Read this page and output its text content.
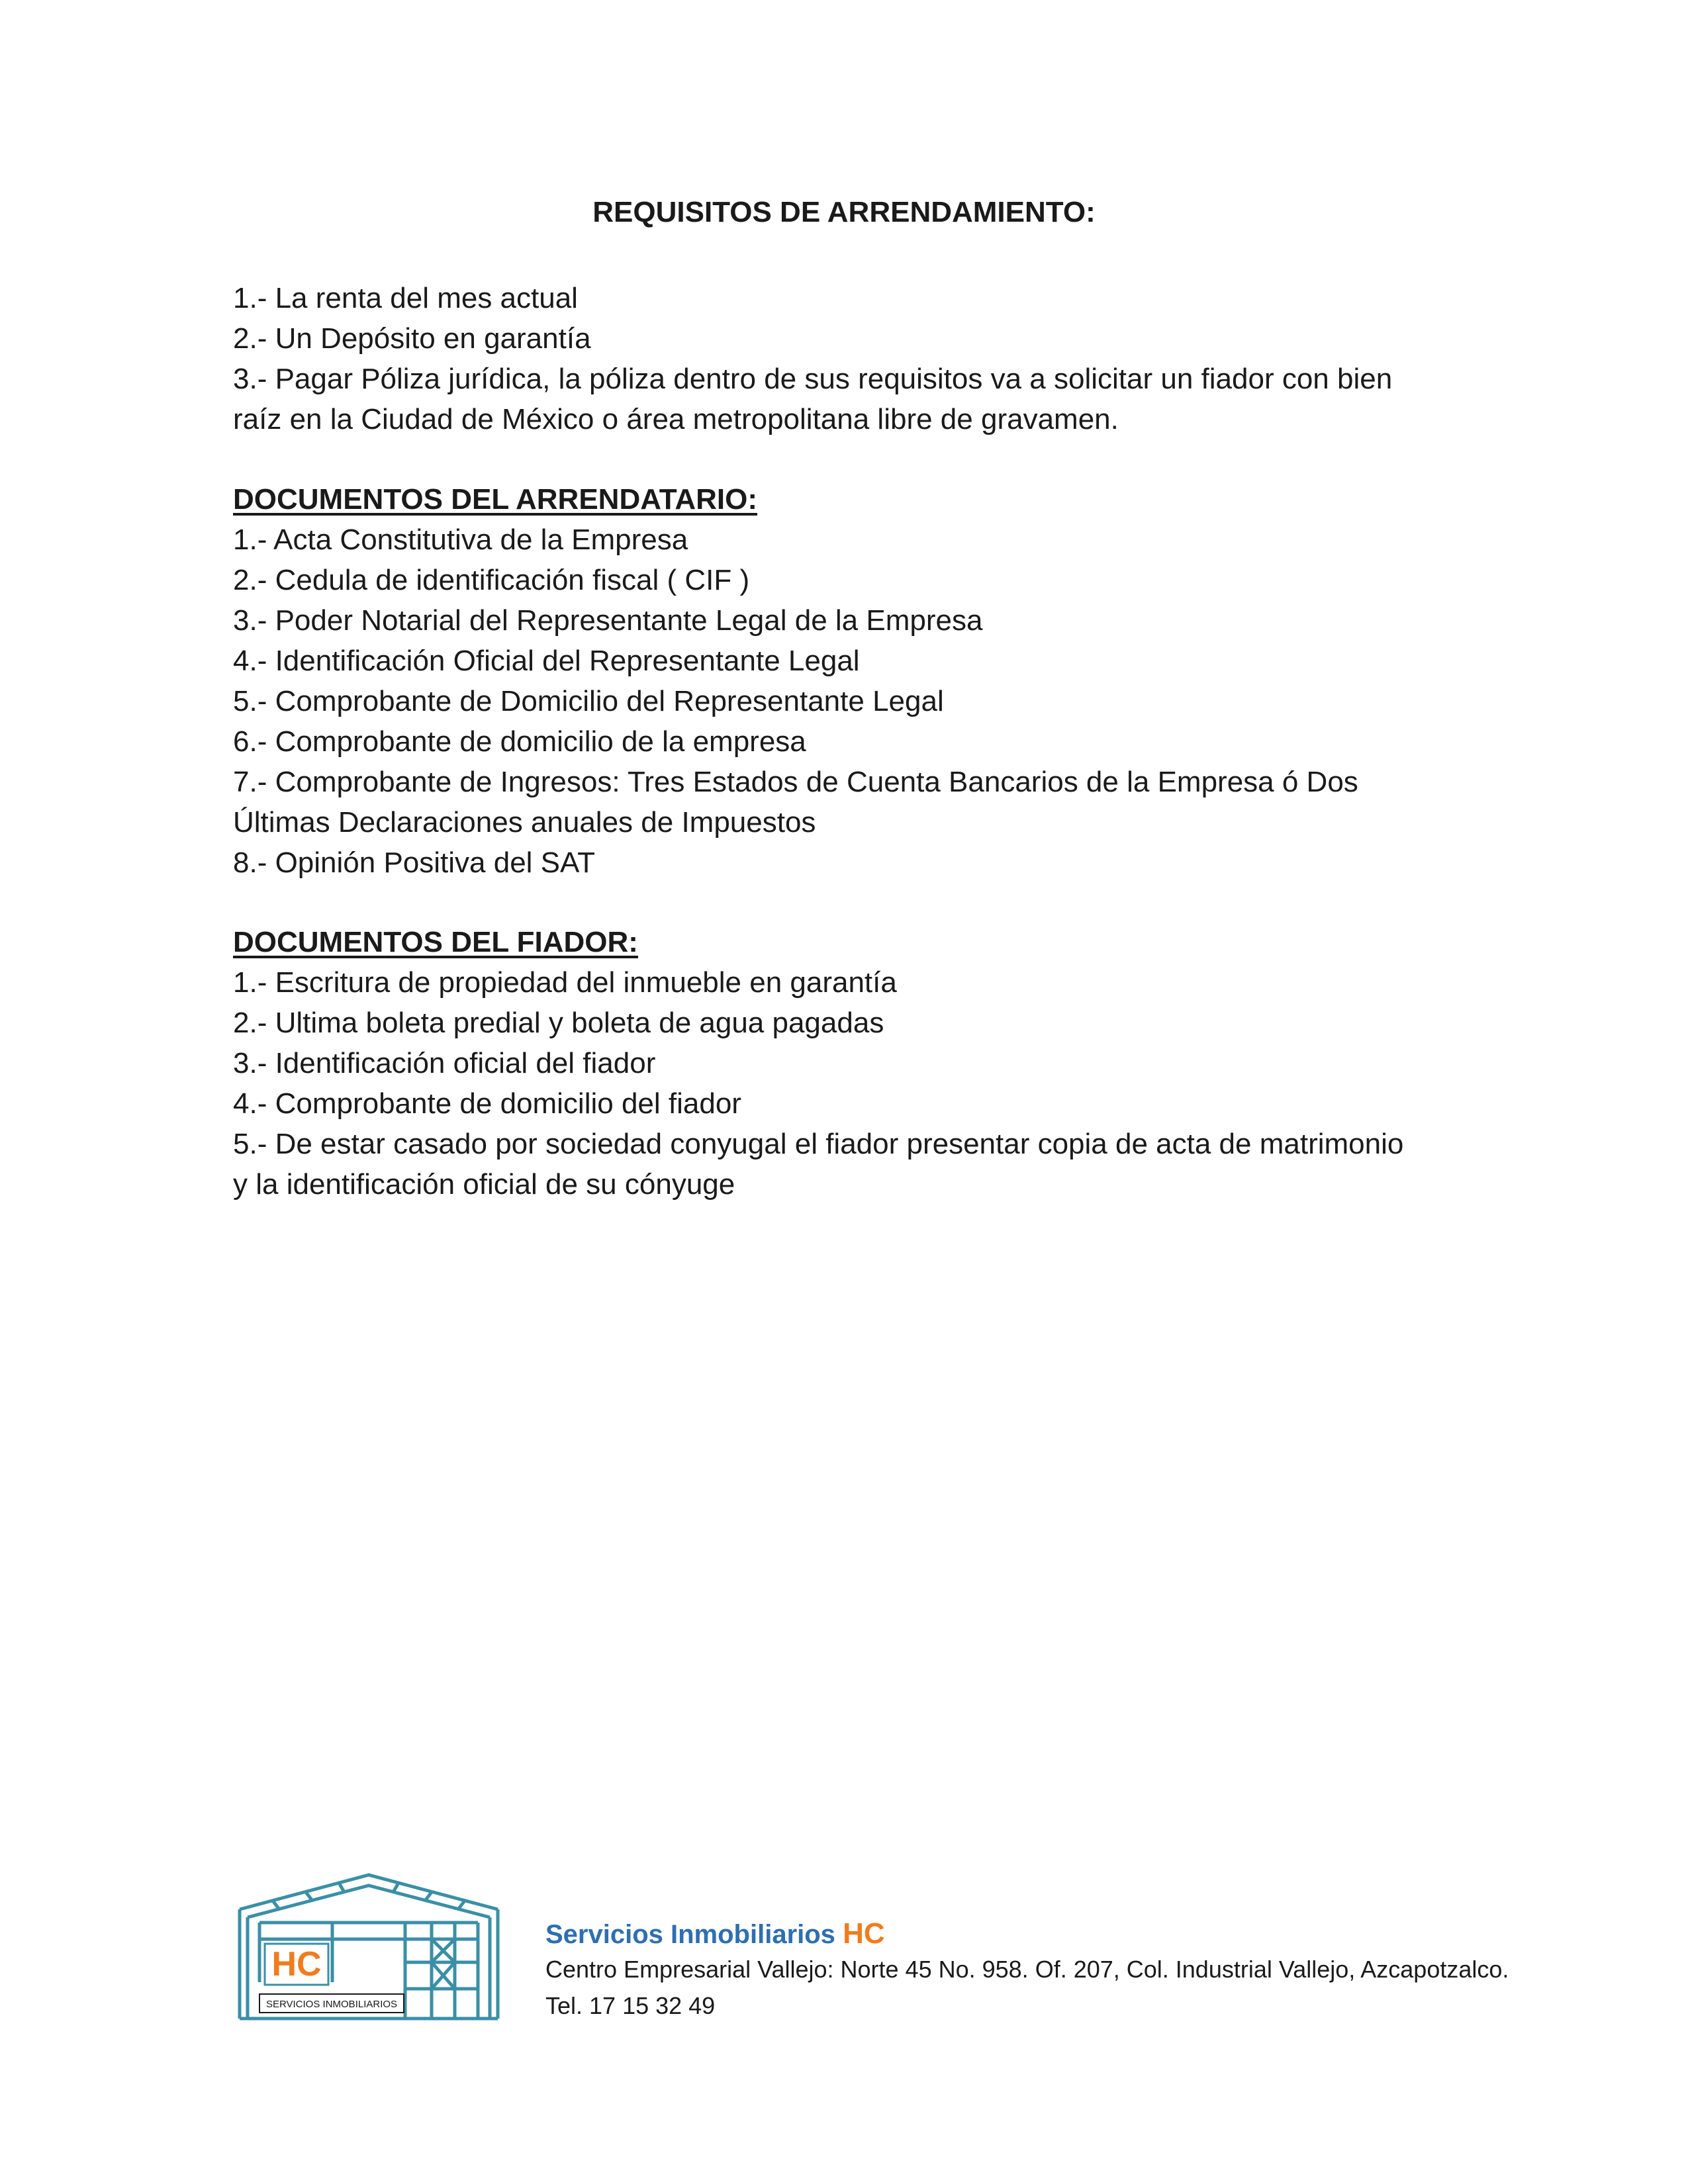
REQUISITOS DE ARRENDAMIENTO:

1.- La renta del mes actual

2.- Un Depósito en garantía

3.- Pagar Póliza jurídica, la póliza dentro de sus requisitos va a solicitar un fiador con bien

raíz en la Ciudad de México o área metropolitana libre de gravamen.

DOCUMENTOS DEL ARRENDATARIO:

1.- Acta Constitutiva de la Empresa

2.- Cedula de identificación fiscal ( CIF )

3.- Poder Notarial del Representante Legal de la Empresa

4.- Identificación Oficial del Representante Legal

5.- Comprobante de Domicilio del Representante Legal

6.- Comprobante de domicilio de la empresa

7.- Comprobante de Ingresos: Tres Estados de Cuenta Bancarios de la Empresa ó Dos

Últimas Declaraciones anuales de Impuestos

8.- Opinión Positiva del SAT

DOCUMENTOS DEL FIADOR:

1.- Escritura de propiedad del inmueble en garantía

2.- Ultima boleta predial y boleta de agua pagadas

3.- Identificación oficial del fiador

4.- Comprobante de domicilio del fiador

5.- De estar casado por sociedad conyugal el fiador presentar copia de acta de matrimonio

y la identificación oficial de su cónyuge

HC
SERVICIOS INMOBILIARIOS

Servicios Inmobiliarios HC

Centro Empresarial Vallejo: Norte 45 No. 958. Of. 207, Col. Industrial Vallejo, Azcapotzalco.

Tel. 17 15 32 49
